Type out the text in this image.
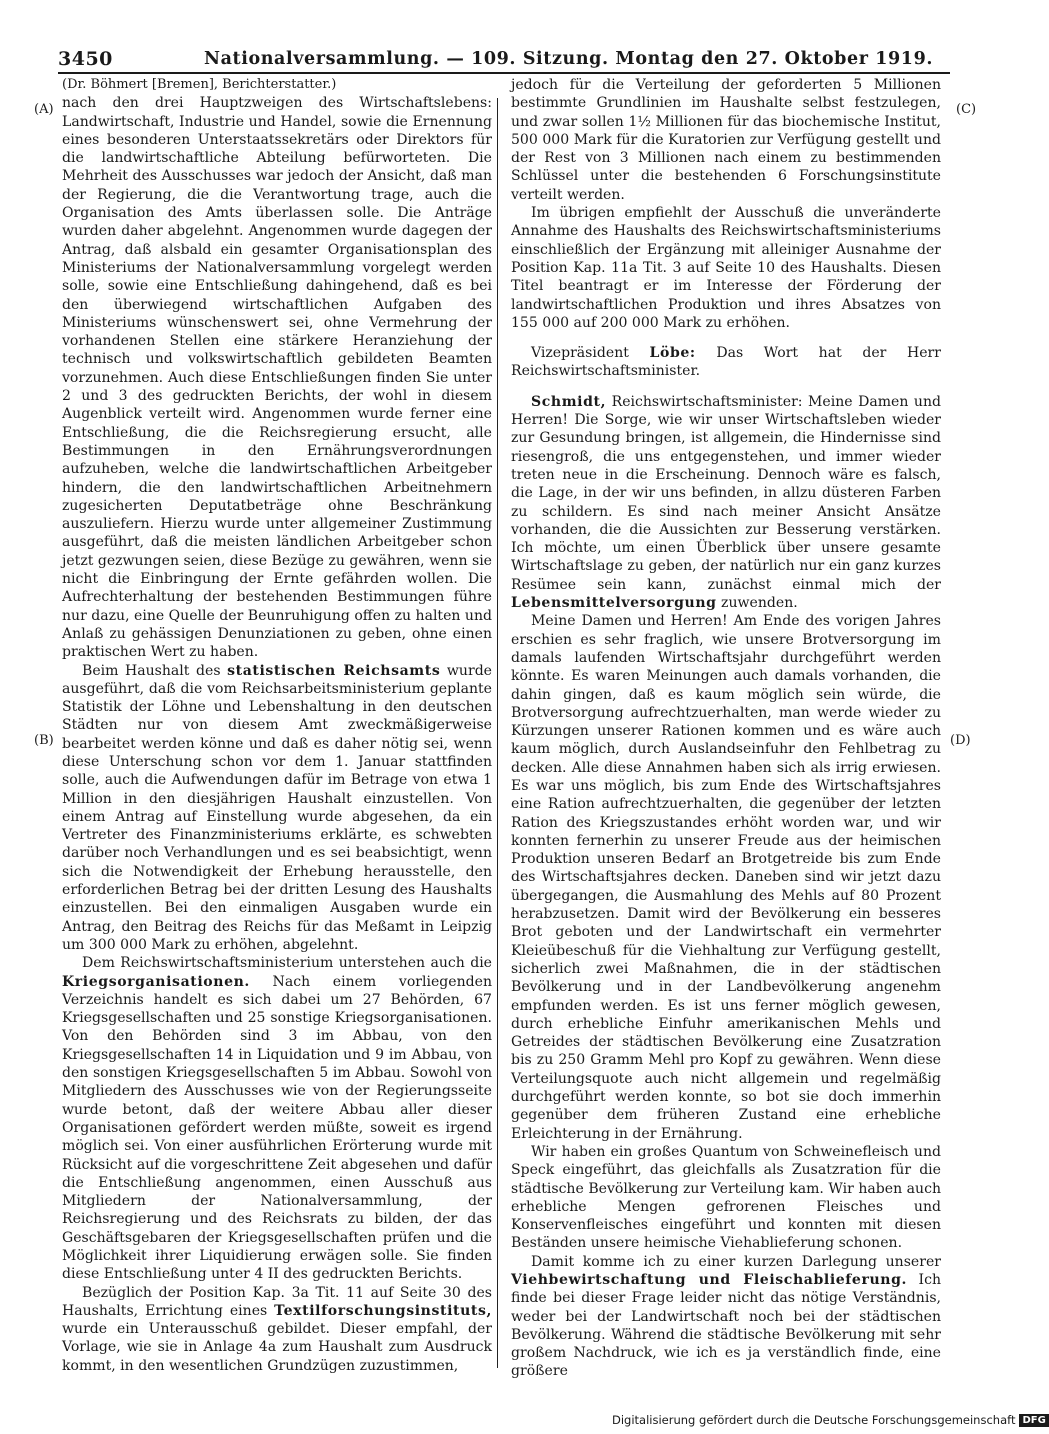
3450	Nationalversammlung. — 109. Sitzung. Montag den 27. Oktober 1919.
(A)
(B)
(C)
(D)

(Dr. Böhmert [Bremen], Berichterstatter.)

nach den drei Hauptzweigen des Wirtschaftslebens: Landwirtschaft, Industrie und Handel, sowie die Ernennung eines besonderen Unterstaatssekretärs oder Direktors für die landwirtschaftliche Abteilung befürworteten. Die Mehrheit des Ausschusses war jedoch der Ansicht, daß man der Regierung, die die Verantwortung trage, auch die Organisation des Amts überlassen solle. Die Anträge wurden daher abgelehnt. Angenommen wurde dagegen der Antrag, daß alsbald ein gesamter Organisationsplan des Ministeriums der Nationalversammlung vorgelegt werden solle, sowie eine Entschließung dahingehend, daß es bei den überwiegend wirtschaftlichen Aufgaben des Ministeriums wünschenswert sei, ohne Vermehrung der vorhandenen Stellen eine stärkere Heranziehung der technisch und volkswirtschaftlich gebildeten Beamten vorzunehmen. Auch diese Entschließungen finden Sie unter 2 und 3 des gedruckten Berichts, der wohl in diesem Augenblick verteilt wird. Angenommen wurde ferner eine Entschließung, die die Reichsregierung ersucht, alle Bestimmungen in den Ernährungsverordnungen aufzuheben, welche die landwirtschaftlichen Arbeitgeber hindern, die den landwirtschaftlichen Arbeitnehmern zugesicherten Deputatbeträge ohne Beschränkung auszuliefern. Hierzu wurde unter allgemeiner Zustimmung ausgeführt, daß die meisten ländlichen Arbeitgeber schon jetzt gezwungen seien, diese Bezüge zu gewähren, wenn sie nicht die Einbringung der Ernte gefährden wollen. Die Aufrechterhaltung der bestehenden Bestimmungen führe nur dazu, eine Quelle der Beunruhigung offen zu halten und Anlaß zu gehässigen Denunziationen zu geben, ohne einen praktischen Wert zu haben.

Beim Haushalt des statistischen Reichsamts wurde ausgeführt, daß die vom Reichsarbeitsministerium geplante Statistik der Löhne und Lebenshaltung in den deutschen Städten nur von diesem Amt zweckmäßigerweise bearbeitet werden könne und daß es daher nötig sei, wenn diese Unterschung schon vor dem 1. Januar stattfinden solle, auch die Aufwendungen dafür im Betrage von etwa 1 Million in den diesjährigen Haushalt einzustellen. Von einem Antrag auf Einstellung wurde abgesehen, da ein Vertreter des Finanzministeriums erklärte, es schwebten darüber noch Verhandlungen und es sei beabsichtigt, wenn sich die Notwendigkeit der Erhebung herausstelle, den erforderlichen Betrag bei der dritten Lesung des Haushalts einzustellen. Bei den einmaligen Ausgaben wurde ein Antrag, den Beitrag des Reichs für das Meßamt in Leipzig um 300 000 Mark zu erhöhen, abgelehnt.

Dem Reichswirtschaftsministerium unterstehen auch die Kriegsorganisationen. Nach einem vorliegenden Verzeichnis handelt es sich dabei um 27 Behörden, 67 Kriegsgesellschaften und 25 sonstige Kriegsorganisationen. Von den Behörden sind 3 im Abbau, von den Kriegsgesellschaften 14 in Liquidation und 9 im Abbau, von den sonstigen Kriegsgesellschaften 5 im Abbau. Sowohl von Mitgliedern des Ausschusses wie von der Regierungsseite wurde betont, daß der weitere Abbau aller dieser Organisationen gefördert werden müßte, soweit es irgend möglich sei. Von einer ausführlichen Erörterung wurde mit Rücksicht auf die vorgeschrittene Zeit abgesehen und dafür die Entschließung angenommen, einen Ausschuß aus Mitgliedern der Nationalversammlung, der Reichsregierung und des Reichsrats zu bilden, der das Geschäftsgebaren der Kriegsgesellschaften prüfen und die Möglichkeit ihrer Liquidierung erwägen solle. Sie finden diese Entschließung unter 4 II des gedruckten Berichts.

Bezüglich der Position Kap. 3a Tit. 11 auf Seite 30 des Haushalts, Errichtung eines Textilforschungsinstituts, wurde ein Unterausschuß gebildet. Dieser empfahl, der Vorlage, wie sie in Anlage 4a zum Haushalt zum Ausdruck kommt, in den wesentlichen Grundzügen zuzustimmen,

jedoch für die Verteilung der geforderten 5 Millionen bestimmte Grundlinien im Haushalte selbst festzulegen, und zwar sollen 1½ Millionen für das biochemische Institut, 500 000 Mark für die Kuratorien zur Verfügung gestellt und der Rest von 3 Millionen nach einem zu bestimmenden Schlüssel unter die bestehenden 6 Forschungsinstitute verteilt werden.

Im übrigen empfiehlt der Ausschuß die unveränderte Annahme des Haushalts des Reichswirtschaftsministeriums einschließlich der Ergänzung mit alleiniger Ausnahme der Position Kap. 11a Tit. 3 auf Seite 10 des Haushalts. Diesen Titel beantragt er im Interesse der Förderung der landwirtschaftlichen Produktion und ihres Absatzes von 155 000 auf 200 000 Mark zu erhöhen.

Vizepräsident Löbe: Das Wort hat der Herr Reichswirtschaftsminister.

Schmidt, Reichswirtschaftsminister: Meine Damen und Herren! Die Sorge, wie wir unser Wirtschaftsleben wieder zur Gesundung bringen, ist allgemein, die Hindernisse sind riesengroß, die uns entgegenstehen, und immer wieder treten neue in die Erscheinung. Dennoch wäre es falsch, die Lage, in der wir uns befinden, in allzu düsteren Farben zu schildern. Es sind nach meiner Ansicht Ansätze vorhanden, die die Aussichten zur Besserung verstärken. Ich möchte, um einen Überblick über unsere gesamte Wirtschaftslage zu geben, der natürlich nur ein ganz kurzes Resümee sein kann, zunächst einmal mich der Lebensmittelversorgung zuwenden.

Meine Damen und Herren! Am Ende des vorigen Jahres erschien es sehr fraglich, wie unsere Brotversorgung im damals laufenden Wirtschaftsjahr durchgeführt werden könnte. Es waren Meinungen auch damals vorhanden, die dahin gingen, daß es kaum möglich sein würde, die Brotversorgung aufrechtzuerhalten, man werde wieder zu Kürzungen unserer Rationen kommen und es wäre auch kaum möglich, durch Auslandseinfuhr den Fehlbetrag zu decken. Alle diese Annahmen haben sich als irrig erwiesen. Es war uns möglich, bis zum Ende des Wirtschaftsjahres eine Ration aufrechtzuerhalten, die gegenüber der letzten Ration des Kriegszustandes erhöht worden war, und wir konnten fernerhin zu unserer Freude aus der heimischen Produktion unseren Bedarf an Brotgetreide bis zum Ende des Wirtschaftsjahres decken. Daneben sind wir jetzt dazu übergegangen, die Ausmahlung des Mehls auf 80 Prozent herabzusetzen. Damit wird der Bevölkerung ein besseres Brot geboten und der Landwirtschaft ein vermehrter Kleieübeschuß für die Viehhaltung zur Verfügung gestellt, sicherlich zwei Maßnahmen, die in der städtischen Bevölkerung und in der Landbevölkerung angenehm empfunden werden. Es ist uns ferner möglich gewesen, durch erhebliche Einfuhr amerikanischen Mehls und Getreides der städtischen Bevölkerung eine Zusatzration bis zu 250 Gramm Mehl pro Kopf zu gewähren. Wenn diese Verteilungsquote auch nicht allgemein und regelmäßig durchgeführt werden konnte, so bot sie doch immerhin gegenüber dem früheren Zustand eine erhebliche Erleichterung in der Ernährung.

Wir haben ein großes Quantum von Schweinefleisch und Speck eingeführt, das gleichfalls als Zusatzration für die städtische Bevölkerung zur Verteilung kam. Wir haben auch erhebliche Mengen gefrorenen Fleisches und Konservenfleisches eingeführt und konnten mit diesen Beständen unsere heimische Viehablieferung schonen.

Damit komme ich zu einer kurzen Darlegung unserer Viehbewirtschaftung und Fleischablieferung. Ich finde bei dieser Frage leider nicht das nötige Verständnis, weder bei der Landwirtschaft noch bei der städtischen Bevölkerung. Während die städtische Bevölkerung mit sehr großem Nachdruck, wie ich es ja verständlich finde, eine größere

Digitalisierung gefördert durch die Deutsche Forschungsgemeinschaft DFG
